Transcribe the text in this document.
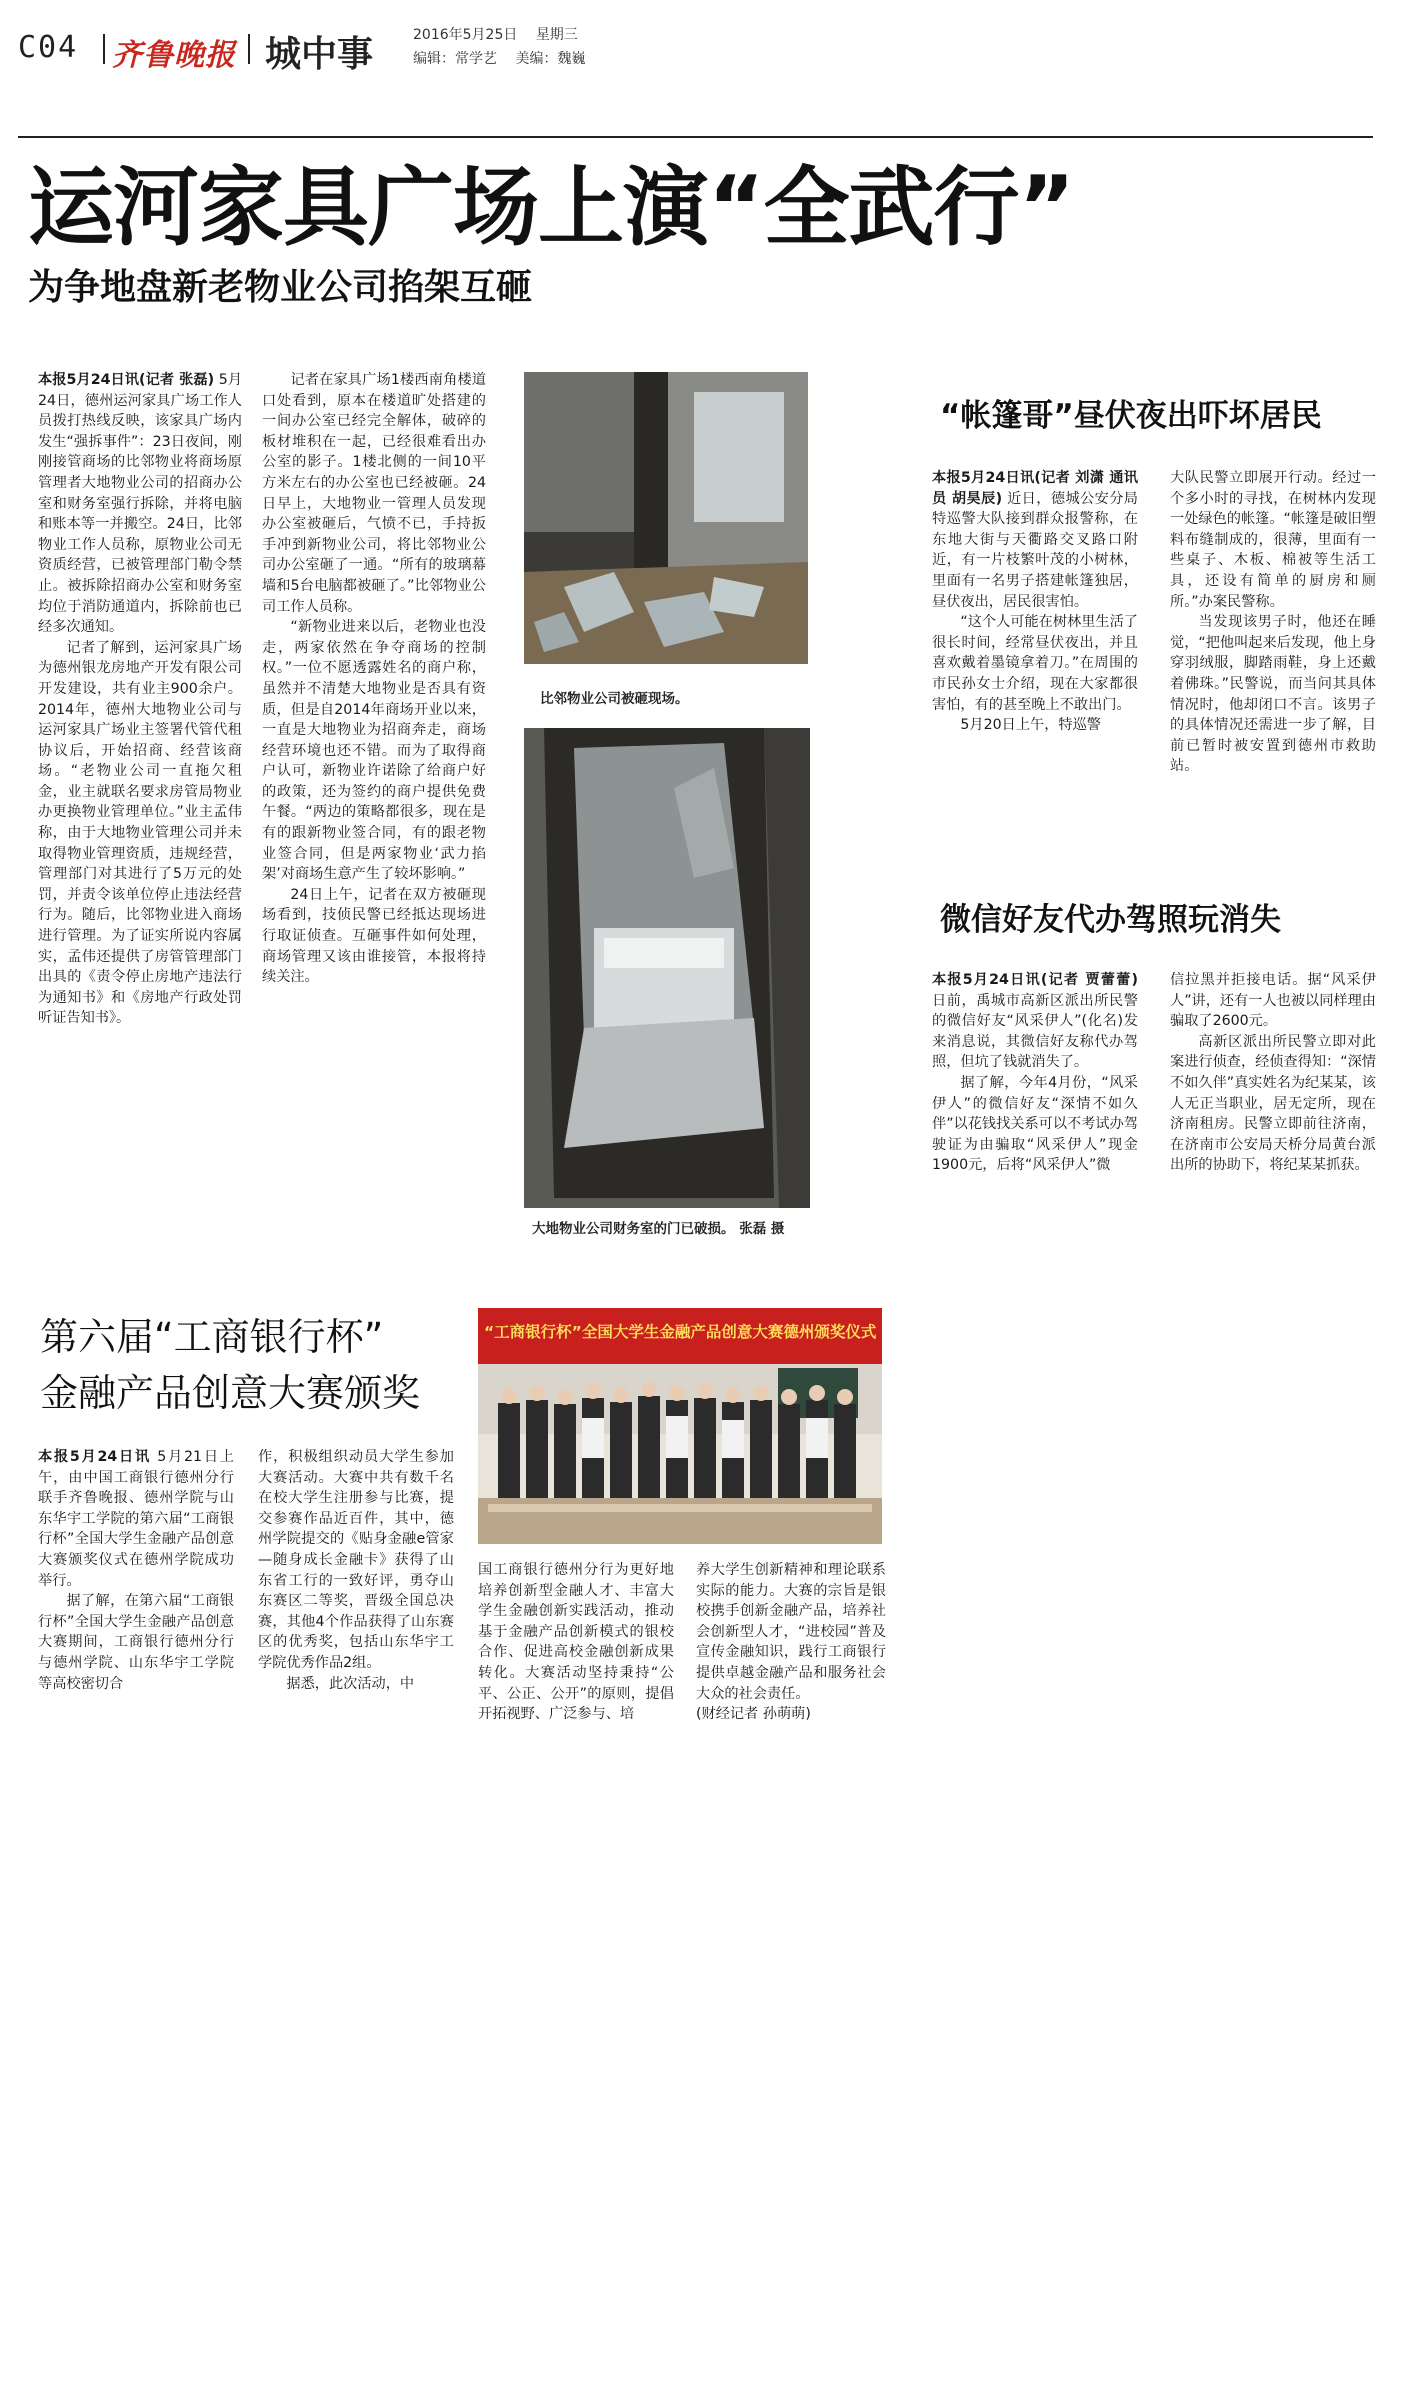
C04 齐鲁晚报 城中事	2016年5月25日 星期三
编辑：常学艺 美编：魏巍
运河家具广场上演“全武行”
为争地盘新老物业公司掐架互砸

本报5月24日讯(记者 张磊) 5月24日，德州运河家具广场工作人员拨打热线反映，该家具广场内发生“强拆事件”：23日夜间，刚刚接管商场的比邻物业将商场原管理者大地物业公司的招商办公室和财务室强行拆除，并将电脑和账本等一并搬空。24日，比邻物业工作人员称，原物业公司无资质经营，已被管理部门勒令禁止。被拆除招商办公室和财务室均位于消防通道内，拆除前也已经多次通知。

记者了解到，运河家具广场为德州银龙房地产开发有限公司开发建设，共有业主900余户。2014年，德州大地物业公司与运河家具广场业主签署代管代租协议后，开始招商、经营该商场。“老物业公司一直拖欠租金，业主就联名要求房管局物业办更换物业管理单位。”业主孟伟称，由于大地物业管理公司并未取得物业管理资质，违规经营，管理部门对其进行了5万元的处罚，并责令该单位停止违法经营行为。随后，比邻物业进入商场进行管理。为了证实所说内容属实，孟伟还提供了房管管理部门出具的《责令停止房地产违法行为通知书》和《房地产行政处罚听证告知书》。

记者在家具广场1楼西南角楼道口处看到，原本在楼道旷处搭建的一间办公室已经完全解体，破碎的板材堆积在一起，已经很难看出办公室的影子。1楼北侧的一间10平方米左右的办公室也已经被砸。24日早上，大地物业一管理人员发现办公室被砸后，气愤不已，手持扳手冲到新物业公司，将比邻物业公司办公室砸了一通。“所有的玻璃幕墙和5台电脑都被砸了。”比邻物业公司工作人员称。

“新物业进来以后，老物业也没走，两家依然在争夺商场的控制权。”一位不愿透露姓名的商户称，虽然并不清楚大地物业是否具有资质，但是自2014年商场开业以来，一直是大地物业为招商奔走，商场经营环境也还不错。而为了取得商户认可，新物业许诺除了给商户好的政策，还为签约的商户提供免费午餐。“两边的策略都很多，现在是有的跟新物业签合同，有的跟老物业签合同，但是两家物业‘武力掐架’对商场生意产生了较坏影响。”

24日上午，记者在双方被砸现场看到，技侦民警已经抵达现场进行取证侦查。互砸事件如何处理，商场管理又该由谁接管，本报将持续关注。

比邻物业公司被砸现场。
大地物业公司财务室的门已破损。 张磊 摄
“帐篷哥”昼伏夜出吓坏居民

本报5月24日讯(记者 刘潇 通讯员 胡昊辰) 近日，德城公安分局特巡警大队接到群众报警称，在东地大街与天衢路交叉路口附近，有一片枝繁叶茂的小树林，里面有一名男子搭建帐篷独居，昼伏夜出，居民很害怕。

“这个人可能在树林里生活了很长时间，经常昼伏夜出，并且喜欢戴着墨镜拿着刀。”在周围的市民孙女士介绍，现在大家都很害怕，有的甚至晚上不敢出门。

5月20日上午，特巡警

大队民警立即展开行动。经过一个多小时的寻找，在树林内发现一处绿色的帐篷。“帐篷是破旧塑料布缝制成的，很薄，里面有一些桌子、木板、棉被等生活工具，还设有简单的厨房和厕所。”办案民警称。

当发现该男子时，他还在睡觉，“把他叫起来后发现，他上身穿羽绒服，脚踏雨鞋，身上还戴着佛珠。”民警说，而当问其具体情况时，他却闭口不言。该男子的具体情况还需进一步了解，目前已暂时被安置到德州市救助站。

微信好友代办驾照玩消失

本报5月24日讯(记者 贾蕾蕾) 日前，禹城市高新区派出所民警的微信好友“风采伊人”(化名)发来消息说，其微信好友称代办驾照，但坑了钱就消失了。

据了解，今年4月份，“风采伊人”的微信好友“深情不如久伴”以花钱找关系可以不考试办驾驶证为由骗取“风采伊人”现金1900元，后将“风采伊人”微

信拉黑并拒接电话。据“风采伊人”讲，还有一人也被以同样理由骗取了2600元。

高新区派出所民警立即对此案进行侦查，经侦查得知：“深情不如久伴”真实姓名为纪某某，该人无正当职业，居无定所，现在济南租房。民警立即前往济南，在济南市公安局天桥分局黄台派出所的协助下，将纪某某抓获。

第六届“工商银行杯”
金融产品创意大赛颁奖
“工商银行杯”全国大学生金融产品创意大赛德州颁奖仪式

本报5月24日讯 5月21日上午，由中国工商银行德州分行联手齐鲁晚报、德州学院与山东华宇工学院的第六届“工商银行杯”全国大学生金融产品创意大赛颁奖仪式在德州学院成功举行。

据了解，在第六届“工商银行杯”全国大学生金融产品创意大赛期间，工商银行德州分行与德州学院、山东华宇工学院等高校密切合

作，积极组织动员大学生参加大赛活动。大赛中共有数千名在校大学生注册参与比赛，提交参赛作品近百件，其中，德州学院提交的《贴身金融e管家—随身成长金融卡》获得了山东省工行的一致好评，勇夺山东赛区二等奖，晋级全国总决赛，其他4个作品获得了山东赛区的优秀奖，包括山东华宇工学院优秀作品2组。

据悉，此次活动，中

国工商银行德州分行为更好地培养创新型金融人才、丰富大学生金融创新实践活动，推动基于金融产品创新模式的银校合作、促进高校金融创新成果转化。大赛活动坚持秉持“公平、公正、公开”的原则，提倡开拓视野、广泛参与、培

养大学生创新精神和理论联系实际的能力。大赛的宗旨是银校携手创新金融产品，培养社会创新型人才，“进校园”普及宣传金融知识，践行工商银行提供卓越金融产品和服务社会大众的社会责任。

(财经记者 孙萌萌)
